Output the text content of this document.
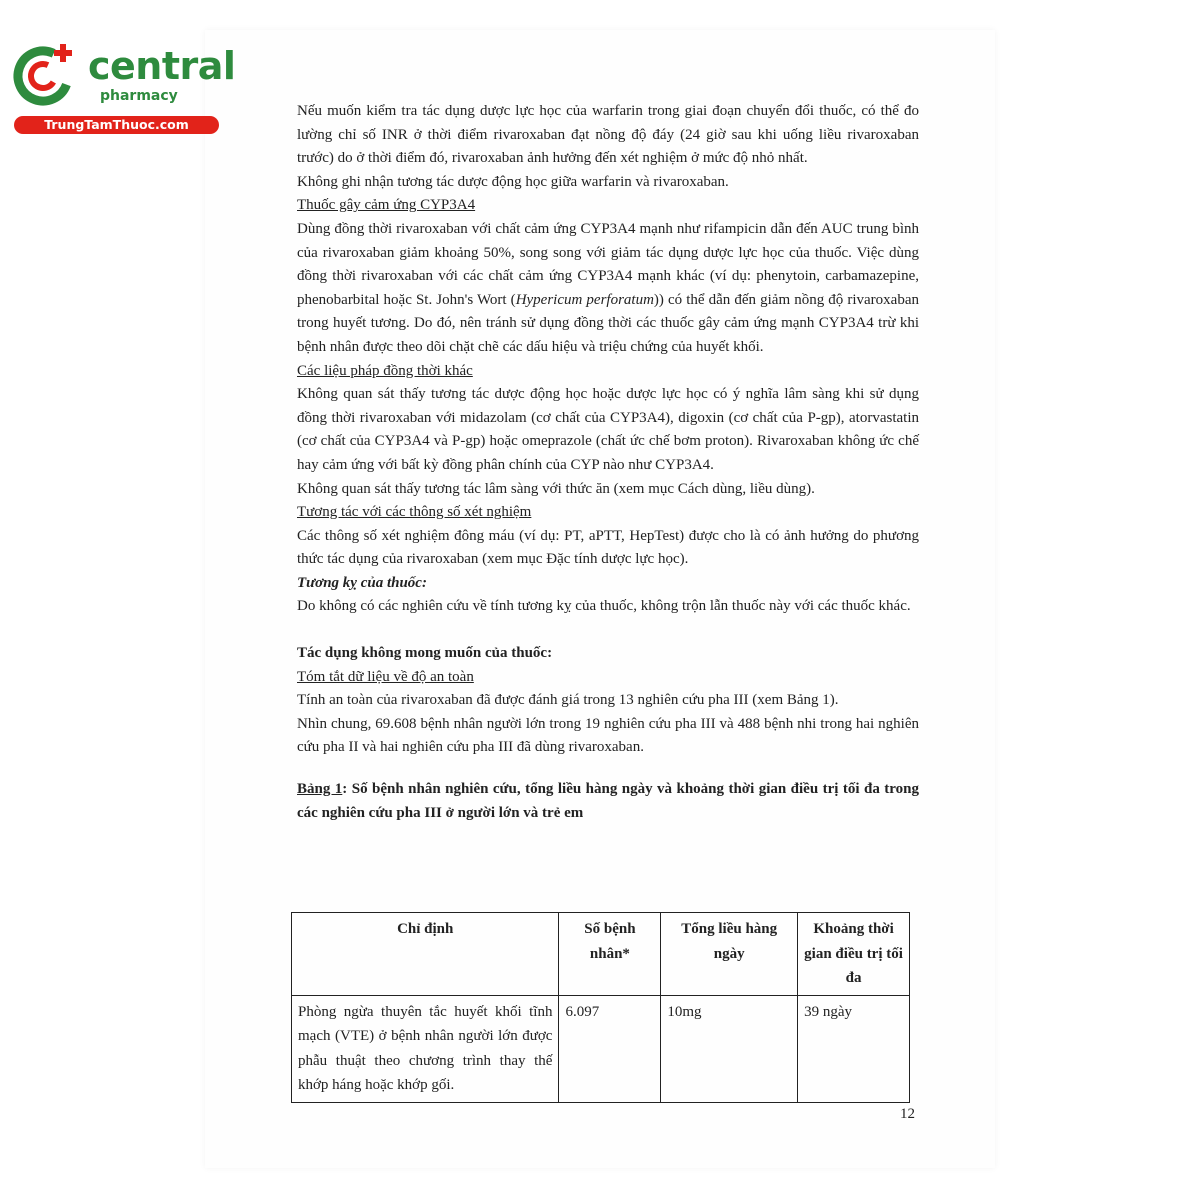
central
pharmacy
TrungTamThuoc.com

Nếu muốn kiểm tra tác dụng dược lực học của warfarin trong giai đoạn chuyển đổi thuốc, có thể đo lường chỉ số INR ở thời điểm rivaroxaban đạt nồng độ đáy (24 giờ sau khi uống liều rivaroxaban trước) do ở thời điểm đó, rivaroxaban ảnh hưởng đến xét nghiệm ở mức độ nhỏ nhất.

Không ghi nhận tương tác dược động học giữa warfarin và rivaroxaban.

Thuốc gây cảm ứng CYP3A4

Dùng đồng thời rivaroxaban với chất cảm ứng CYP3A4 mạnh như rifampicin dẫn đến AUC trung bình của rivaroxaban giảm khoảng 50%, song song với giảm tác dụng dược lực học của thuốc. Việc dùng đồng thời rivaroxaban với các chất cảm ứng CYP3A4 mạnh khác (ví dụ: phenytoin, carbamazepine, phenobarbital hoặc St. John's Wort (Hypericum perforatum)) có thể dẫn đến giảm nồng độ rivaroxaban trong huyết tương. Do đó, nên tránh sử dụng đồng thời các thuốc gây cảm ứng mạnh CYP3A4 trừ khi bệnh nhân được theo dõi chặt chẽ các dấu hiệu và triệu chứng của huyết khối.

Các liệu pháp đồng thời khác

Không quan sát thấy tương tác dược động học hoặc dược lực học có ý nghĩa lâm sàng khi sử dụng đồng thời rivaroxaban với midazolam (cơ chất của CYP3A4), digoxin (cơ chất của P-gp), atorvastatin (cơ chất của CYP3A4 và P-gp) hoặc omeprazole (chất ức chế bơm proton). Rivaroxaban không ức chế hay cảm ứng với bất kỳ đồng phân chính của CYP nào như CYP3A4.

Không quan sát thấy tương tác lâm sàng với thức ăn (xem mục Cách dùng, liều dùng).

Tương tác với các thông số xét nghiệm

Các thông số xét nghiệm đông máu (ví dụ: PT, aPTT, HepTest) được cho là có ảnh hưởng do phương thức tác dụng của rivaroxaban (xem mục Đặc tính dược lực học).

Tương kỵ của thuốc:

Do không có các nghiên cứu về tính tương kỵ của thuốc, không trộn lẫn thuốc này với các thuốc khác.

Tác dụng không mong muốn của thuốc:

Tóm tắt dữ liệu về độ an toàn

Tính an toàn của rivaroxaban đã được đánh giá trong 13 nghiên cứu pha III (xem Bảng 1).

Nhìn chung, 69.608 bệnh nhân người lớn trong 19 nghiên cứu pha III và 488 bệnh nhi trong hai nghiên cứu pha II và hai nghiên cứu pha III đã dùng rivaroxaban.

Bảng 1: Số bệnh nhân nghiên cứu, tổng liều hàng ngày và khoảng thời gian điều trị tối đa trong các nghiên cứu pha III ở người lớn và trẻ em

Chỉ định	Số bệnh nhân*	Tổng liều hàng ngày	Khoảng thời gian điều trị tối đa
Phòng ngừa thuyên tắc huyết khối tĩnh mạch (VTE) ở bệnh nhân người lớn được phẫu thuật theo chương trình thay thế khớp háng hoặc khớp gối.	6.097	10mg	39 ngày
12
